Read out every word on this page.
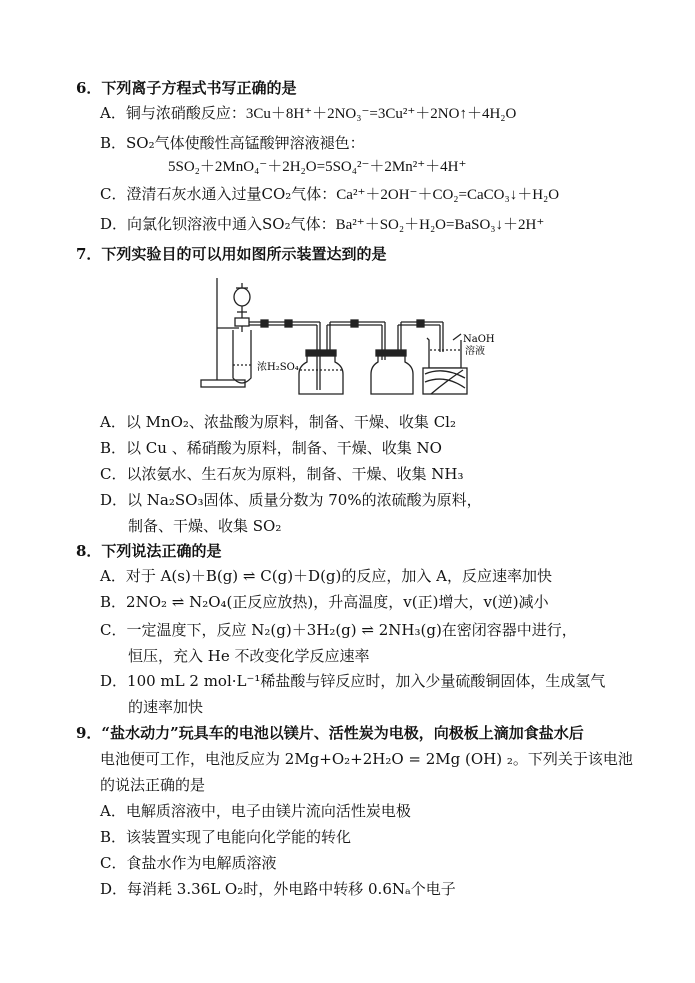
6．下列离子方程式书写正确的是
A．铜与浓硝酸反应：3Cu＋8H⁺＋2NO₃⁻=3Cu²⁺＋2NO↑＋4H₂O
B．SO₂气体使酸性高锰酸钾溶液褪色：
5SO₂＋2MnO₄⁻＋2H₂O=5SO₄²⁻＋2Mn²⁺＋4H⁺
C．澄清石灰水通入过量CO₂气体：Ca²⁺＋2OH⁻＋CO₂=CaCO₃↓＋H₂O
D．向氯化钡溶液中通入SO₂气体：Ba²⁺＋SO₂＋H₂O=BaSO₃↓＋2H⁺
7．下列实验目的可以用如图所示装置达到的是
浓H₂SO₄
NaOH
溶液
A．以 MnO₂、浓盐酸为原料，制备、干燥、收集 Cl₂
B．以 Cu 、稀硝酸为原料，制备、干燥、收集 NO
C．以浓氨水、生石灰为原料，制备、干燥、收集 NH₃
D．以 Na₂SO₃固体、质量分数为 70%的浓硫酸为原料，
制备、干燥、收集 SO₂
8．下列说法正确的是
A．对于 A(s)＋B(g) ⇌ C(g)＋D(g)的反应，加入 A，反应速率加快
B．2NO₂ ⇌ N₂O₄(正反应放热)，升高温度，v(正)增大，v(逆)减小
C．一定温度下，反应 N₂(g)＋3H₂(g) ⇌ 2NH₃(g)在密闭容器中进行，
恒压，充入 He 不改变化学反应速率
D．100 mL 2 mol·L⁻¹稀盐酸与锌反应时，加入少量硫酸铜固体，生成氢气
的速率加快
9．“盐水动力”玩具车的电池以镁片、活性炭为电极，向极板上滴加食盐水后
电池便可工作，电池反应为 2Mg+O₂+2H₂O = 2Mg (OH) ₂。下列关于该电池
的说法正确的是
A．电解质溶液中，电子由镁片流向活性炭电极
B．该装置实现了电能向化学能的转化
C．食盐水作为电解质溶液
D．每消耗 3.36L O₂时，外电路中转移 0.6Nₐ个电子
